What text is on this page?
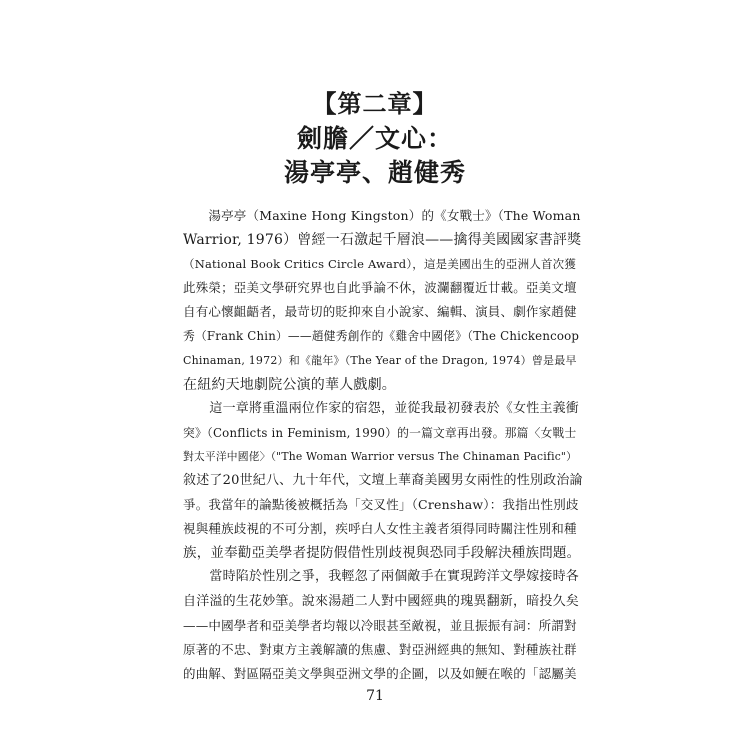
【第二章】
劍膽／文心：
湯亭亭、趙健秀
　　湯亭亭（Maxine Hong Kingston）的《女戰士》（The Woman
Warrior, 1976）曾經一石激起千層浪——擒得美國國家書評獎
（National Book Critics Circle Award），這是美國出生的亞洲人首次獲
此殊榮；亞美文學研究界也自此爭論不休，波瀾翻覆近廿載。亞美文壇
自有心懷齟齬者，最苛切的貶抑來自小說家、編輯、演員、劇作家趙健
秀（Frank Chin）——趙健秀創作的《雞舍中國佬》（The Chickencoop
Chinaman, 1972）和《龍年》（The Year of the Dragon, 1974）曾是最早
在紐約天地劇院公演的華人戲劇。
　　這一章將重溫兩位作家的宿怨，並從我最初發表於《女性主義衝
突》（Conflicts in Feminism, 1990）的一篇文章再出發。那篇〈女戰士
對太平洋中國佬〉（"The Woman Warrior versus The Chinaman Pacific"）
敘述了20世紀八、九十年代，文壇上華裔美國男女兩性的性別政治論
爭。我當年的論點後被概括為「交叉性」（Crenshaw）：我指出性別歧
視與種族歧視的不可分割，疾呼白人女性主義者須得同時關注性別和種
族，並奉勸亞美學者提防假借性別歧視與恐同手段解決種族問題。
　　當時陷於性別之爭，我輕忽了兩個敵手在實現跨洋文學嫁接時各
自洋溢的生花妙筆。說來湯趙二人對中國經典的瑰異翻新，暗投久矣
——中國學者和亞美學者均報以冷眼甚至敵視，並且振振有詞：所謂對
原著的不忠、對東方主義解讀的焦慮、對亞洲經典的無知、對種族社群
的曲解、對區隔亞美文學與亞洲文學的企圖，以及如鯁在喉的「認屬美
71
